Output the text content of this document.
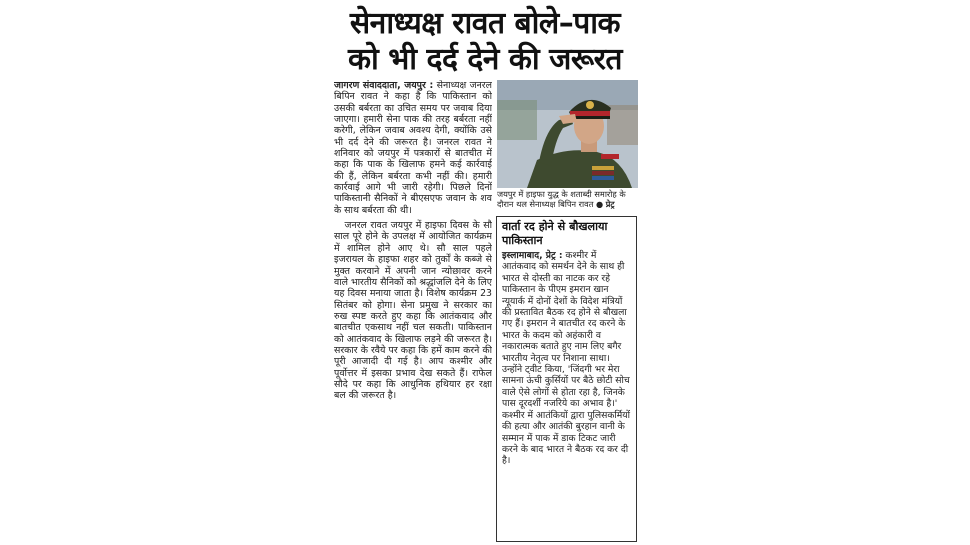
सेनाध्यक्ष रावत बोले–पाक
को भी दर्द देने की जरूरत

जागरण संवाददाता, जयपुर : सेनाध्यक्ष जनरल बिपिन रावत ने कहा है कि पाकिस्तान को उसकी बर्बरता का उचित समय पर जवाब दिया जाएगा। हमारी सेना पाक की तरह बर्बरता नहीं करेगी, लेकिन जवाब अवश्य देगी, क्योंकि उसे भी दर्द देने की जरूरत है। जनरल रावत ने शनिवार को जयपुर में पत्रकारों से बातचीत में कहा कि पाक के खिलाफ हमने कई कार्रवाई की हैं, लेकिन बर्बरता कभी नहीं की। हमारी कार्रवाई आगे भी जारी रहेगी। पिछले दिनों पाकिस्तानी सैनिकों ने बीएसएफ जवान के शव के साथ बर्बरता की थी।

जनरल रावत जयपुर में हाइफा दिवस के सौ साल पूरे होने के उपलक्ष में आयोजित कार्यक्रम में शामिल होने आए थे। सौ साल पहले इजरायल के हाइफा शहर को तुर्कों के कब्जे से मुक्त करवाने में अपनी जान न्योछावर करने वाले भारतीय सैनिकों को श्रद्धांजलि देने के लिए यह दिवस मनाया जाता है। विशेष कार्यक्रम 23 सितंबर को होगा। सेना प्रमुख ने सरकार का रुख स्पष्ट करते हुए कहा कि आतंकवाद और बातचीत एकसाथ नहीं चल सकती। पाकिस्तान को आतंकवाद के खिलाफ लड़ने की जरूरत है। सरकार के रवैये पर कहा कि हमें काम करने की पूरी आजादी दी गई है। आप कश्मीर और पूर्वोत्तर में इसका प्रभाव देख सकते हैं। राफेल सौदे पर कहा कि आधुनिक हथियार हर रक्षा बल की जरूरत है।

जयपुर में हाइफा युद्ध के शताब्दी समारोह के दौरान थल सेनाध्यक्ष बिपिन रावत ● प्रेट्र
वार्ता रद होने से बौखलाया पाकिस्तान
इस्लामाबाद, प्रेट्र : कश्मीर में आतंकवाद को समर्थन देने के साथ ही भारत से दोस्ती का नाटक कर रहे पाकिस्तान के पीएम इमरान खान न्यूयार्क में दोनों देशों के विदेश मंत्रियों की प्रस्तावित बैठक रद होने से बौखला गए हैं। इमरान ने बातचीत रद करने के भारत के कदम को अहंकारी व नकारात्मक बताते हुए नाम लिए बगैर भारतीय नेतृत्व पर निशाना साधा। उन्होंने ट्वीट किया, 'जिंदगी भर मेरा सामना ऊंची कुर्सियों पर बैठे छोटी सोच वाले ऐसे लोगों से होता रहा है, जिनके पास दूरदर्शी नजरिये का अभाव है।' कश्मीर में आतंकियों द्वारा पुलिसकर्मियों की हत्या और आतंकी बुरहान वानी के सम्मान में पाक में डाक टिकट जारी करने के बाद भारत ने बैठक रद कर दी है।
